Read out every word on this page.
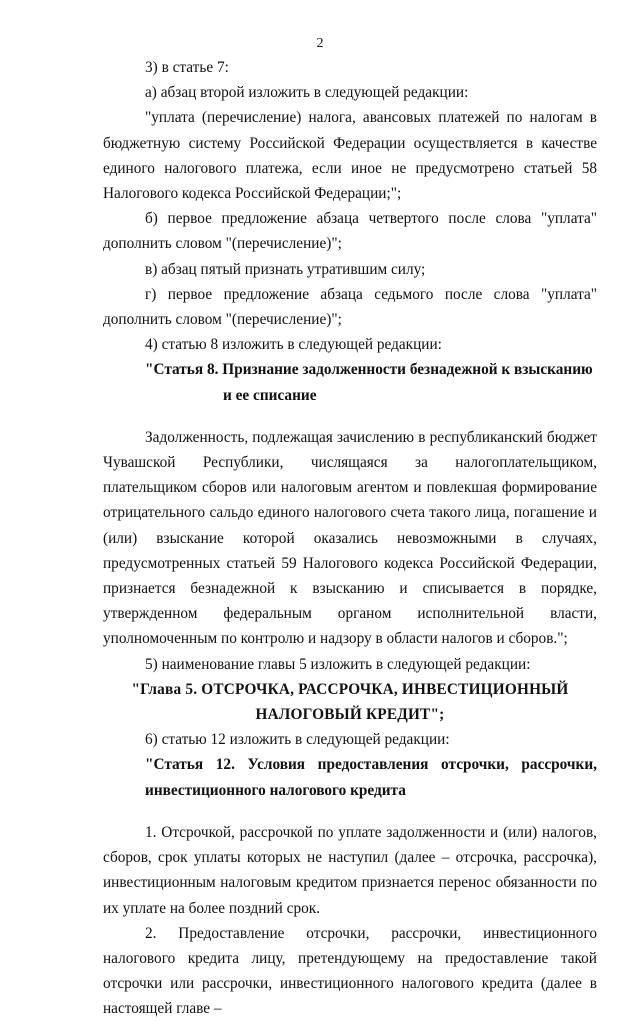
2

3) в статье 7:

а) абзац второй изложить в следующей редакции:

"уплата (перечисление) налога, авансовых платежей по налогам в бюджетную систему Российской Федерации осуществляется в качестве единого налогового платежа, если иное не предусмотрено статьей 58 Налогового кодекса Российской Федерации;";

б) первое предложение абзаца четвертого после слова "уплата" дополнить словом "(перечисление)";

в) абзац пятый признать утратившим силу;

г) первое предложение абзаца седьмого после слова "уплата" дополнить словом "(перечисление)";

4) статью 8 изложить в следующей редакции:

"Статья 8. Признание задолженности безнадежной к взысканию
и ее списание

Задолженность, подлежащая зачислению в республиканский бюджет Чувашской Республики, числящаяся за налогоплательщиком, плательщиком сборов или налоговым агентом и повлекшая формирование отрицательного сальдо единого налогового счета такого лица, погашение и (или) взыскание которой оказались невозможными в случаях, предусмотренных статьей 59 Налогового кодекса Российской Федерации, признается безнадежной к взысканию и списывается в порядке, утвержденном федеральным органом исполнительной власти, уполномоченным по контролю и надзору в области налогов и сборов.";

5) наименование главы 5 изложить в следующей редакции:

"Глава 5. ОТСРОЧКА, РАССРОЧКА, ИНВЕСТИЦИОННЫЙ
НАЛОГОВЫЙ КРЕДИТ";

6) статью 12 изложить в следующей редакции:

"Статья 12. Условия предоставления отсрочки, рассрочки, инвестиционного налогового кредита

1. Отсрочкой, рассрочкой по уплате задолженности и (или) налогов, сборов, срок уплаты которых не наступил (далее – отсрочка, рассрочка), инвестиционным налоговым кредитом признается перенос обязанности по их уплате на более поздний срок.

2. Предоставление отсрочки, рассрочки, инвестиционного налогового кредита лицу, претендующему на предоставление такой отсрочки или рассрочки, инвестиционного налогового кредита (далее в настоящей главе –
